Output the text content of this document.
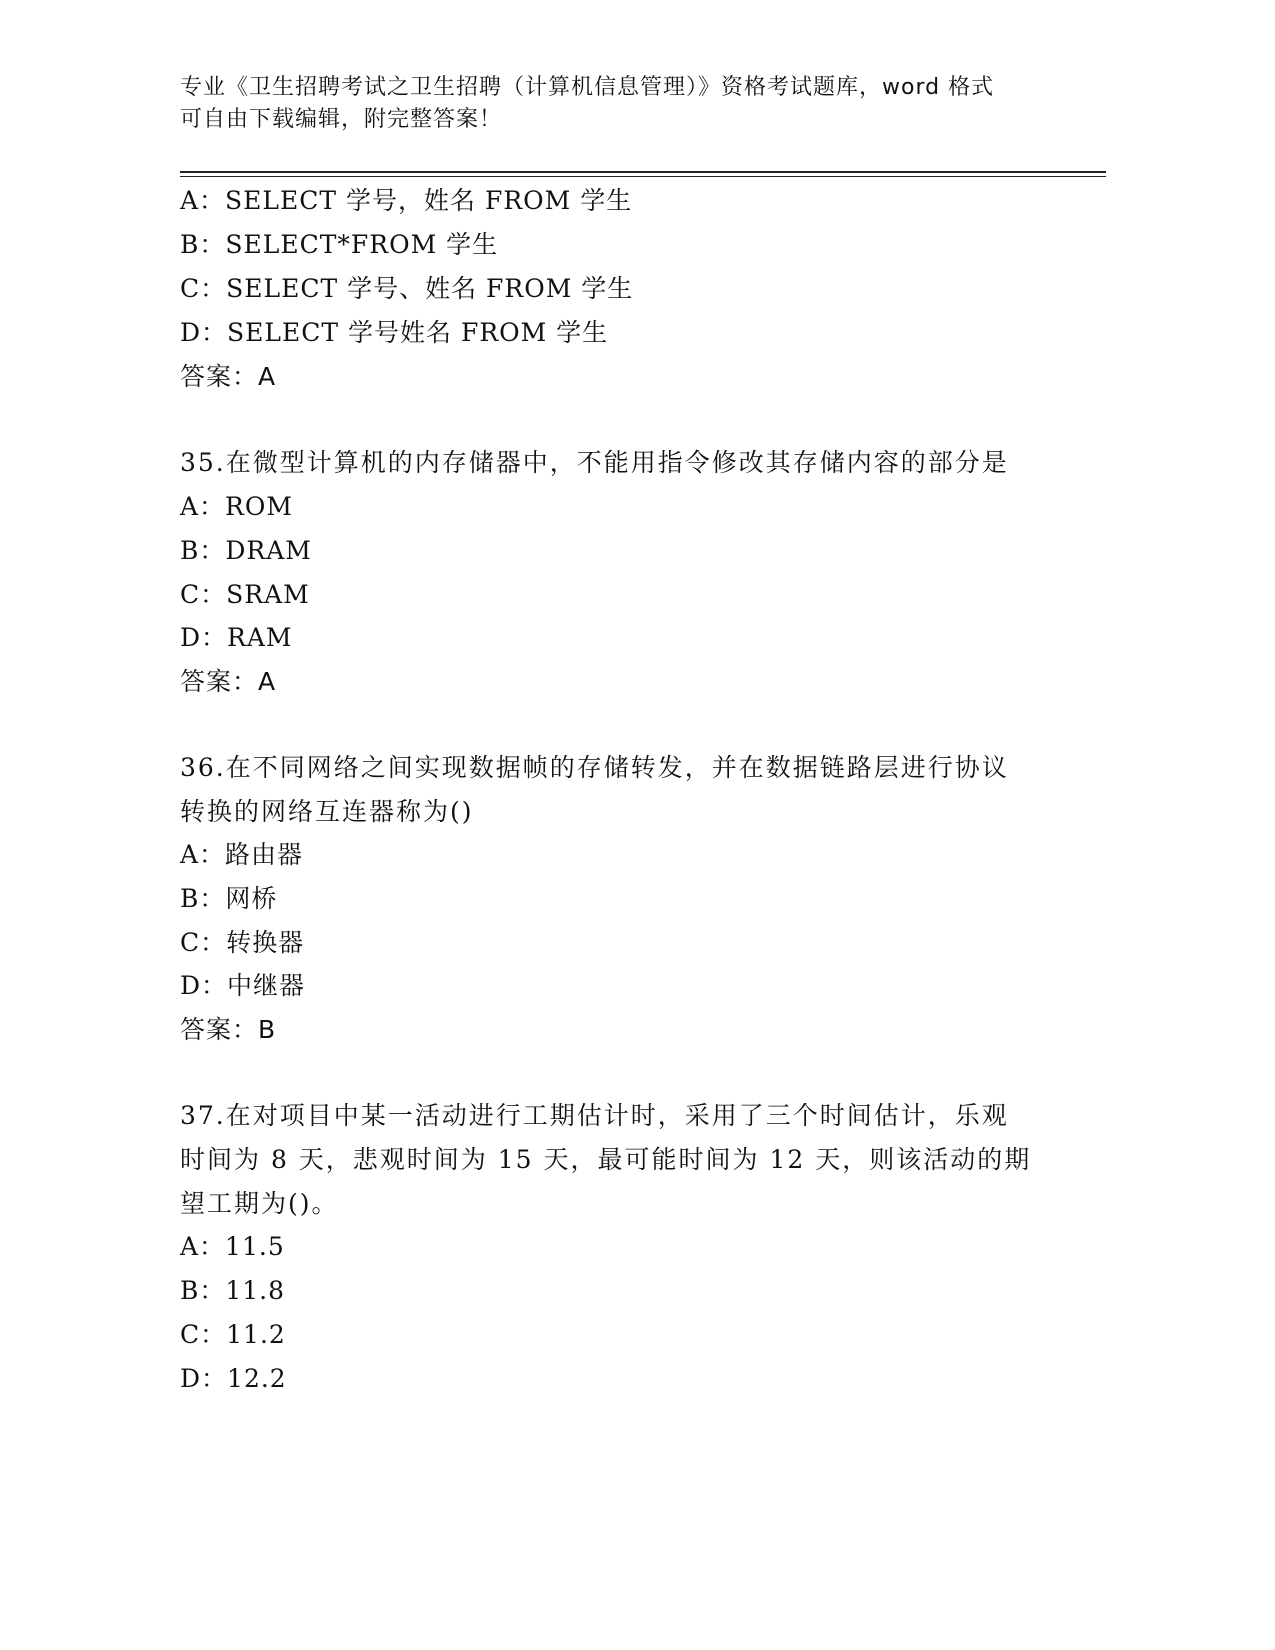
专业《卫生招聘考试之卫生招聘（计算机信息管理）》资格考试题库，word 格式
可自由下载编辑，附完整答案！
A：SELECT 学号，姓名 FROM 学生
B：SELECT*FROM 学生
C：SELECT 学号、姓名 FROM 学生
D：SELECT 学号姓名 FROM 学生
答案：A
35.在微型计算机的内存储器中，不能用指令修改其存储内容的部分是
A：ROM
B：DRAM
C：SRAM
D：RAM
答案：A
36.在不同网络之间实现数据帧的存储转发，并在数据链路层进行协议
转换的网络互连器称为()
A：路由器
B：网桥
C：转换器
D：中继器
答案：B
37.在对项目中某一活动进行工期估计时，采用了三个时间估计，乐观
时间为 8 天，悲观时间为 15 天，最可能时间为 12 天，则该活动的期
望工期为()。
A：11.5
B：11.8
C：11.2
D：12.2
